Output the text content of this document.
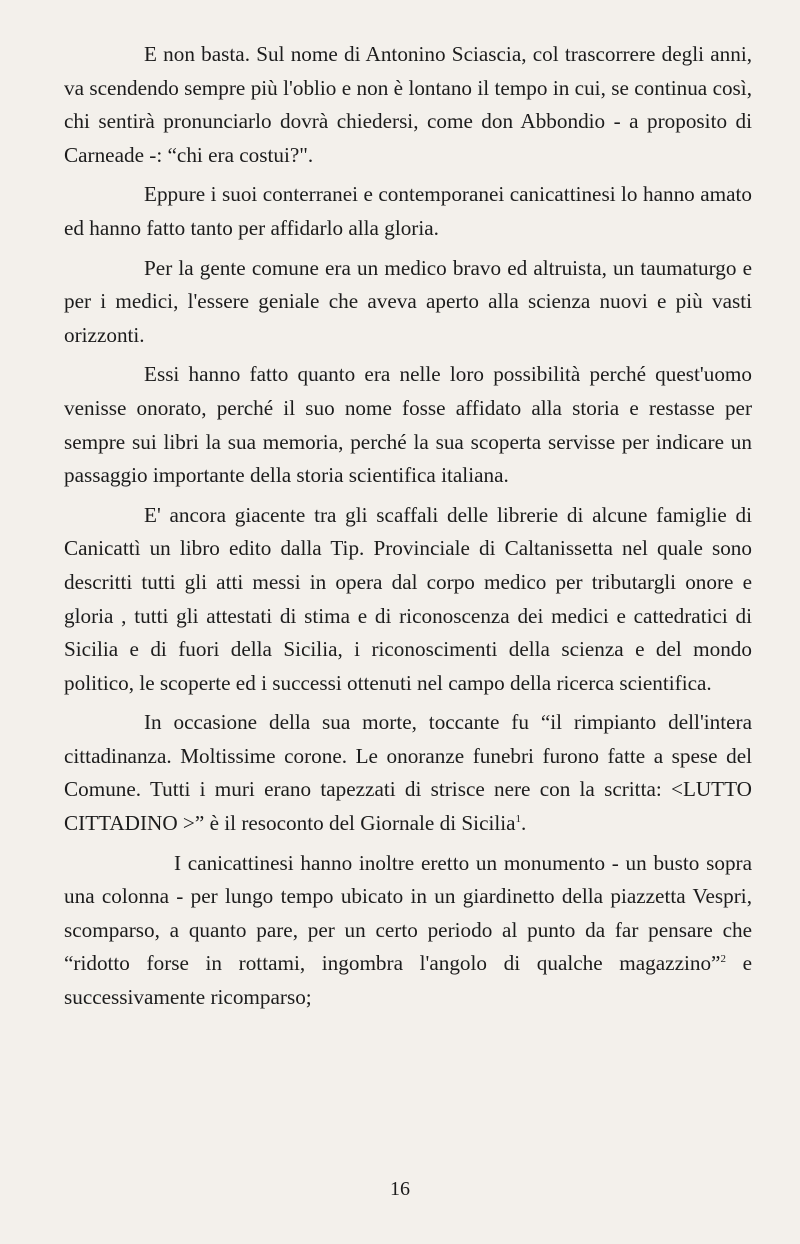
E non basta. Sul nome di Antonino Sciascia, col trascorrere degli anni, va scendendo sempre più l'oblio e non è lontano il tempo in cui, se continua così, chi sentirà pronunciarlo dovrà chiedersi, come don Abbondio - a proposito di Carneade -: “chi era costui?".

Eppure i suoi conterranei e contemporanei canicattinesi lo hanno amato ed hanno fatto tanto per affidarlo alla gloria.

Per la gente comune era un medico bravo ed altruista, un taumaturgo e per i medici, l'essere geniale che aveva aperto alla scienza nuovi e più vasti orizzonti.

Essi hanno fatto quanto era nelle loro possibilità perché quest'uomo venisse onorato, perché il suo nome fosse affidato alla storia e restasse per sempre sui libri la sua memoria, perché la sua scoperta servisse per indicare un passaggio importante della storia scientifica italiana.

E' ancora giacente tra gli scaffali delle librerie di alcune famiglie di Canicattì un libro edito dalla Tip. Provinciale di Caltanissetta nel quale sono descritti tutti gli atti messi in opera dal corpo medico per tributargli onore e gloria , tutti gli attestati di stima e di riconoscenza dei medici e cattedratici di Sicilia e di fuori della Sicilia, i riconoscimenti della scienza e del mondo politico, le scoperte ed i successi ottenuti nel campo della ricerca scientifica.

In occasione della sua morte, toccante fu “il rimpianto dell'intera cittadinanza. Moltissime corone. Le onoranze funebri furono fatte a spese del Comune. Tutti i muri erano tapezzati di strisce nere con la scritta: <LUTTO CITTADINO >” è il resoconto del Giornale di Sicilia$^1$.

I canicattinesi hanno inoltre eretto un monumento - un busto sopra una colonna - per lungo tempo ubicato in un giardinetto della piazzetta Vespri, scomparso, a quanto pare, per un certo periodo al punto da far pensare che “ridotto forse in rottami, ingombra l'angolo di qualche magazzino”$^2$ e successivamente ricomparso;

16
